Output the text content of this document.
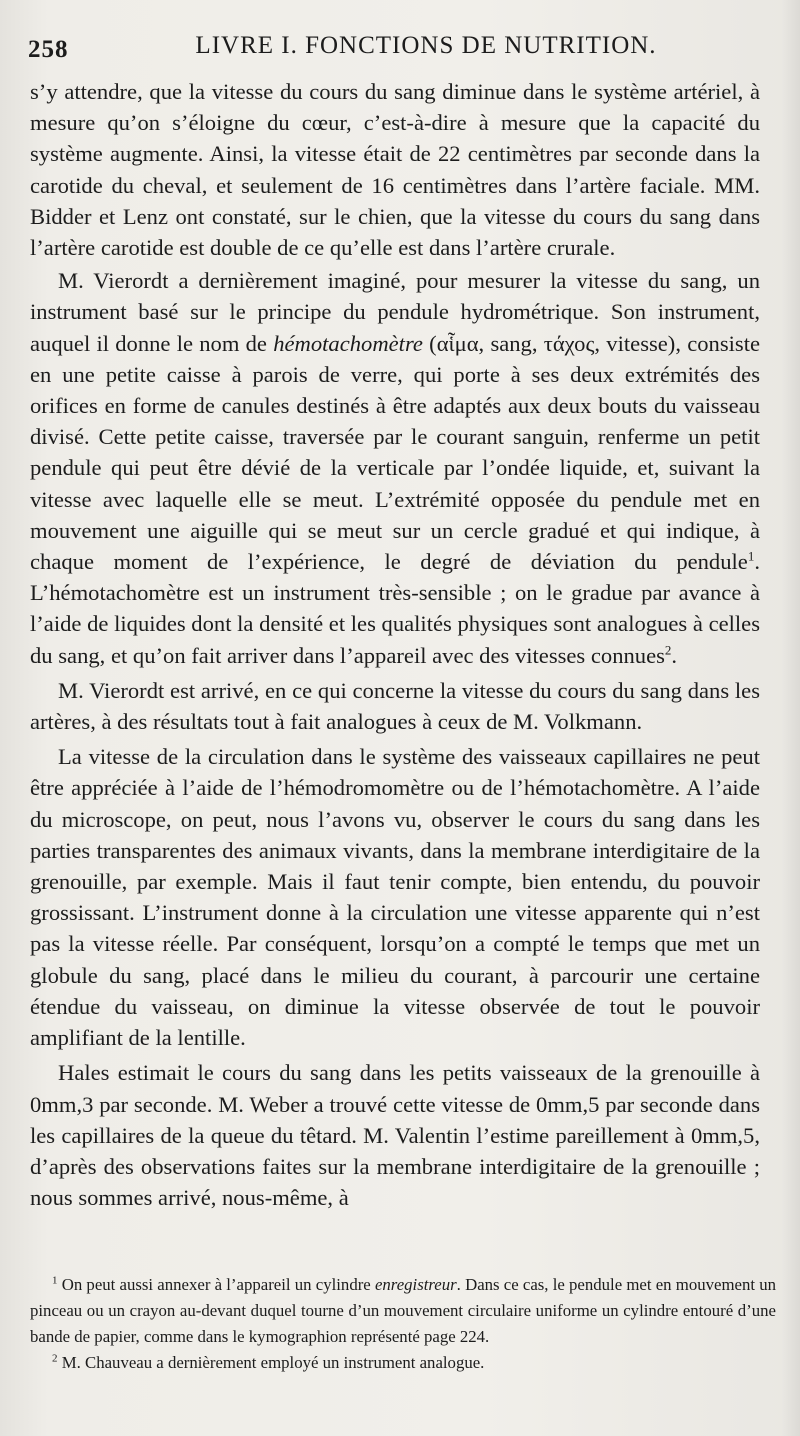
258	LIVRE I. FONCTIONS DE NUTRITION.

s’y attendre, que la vitesse du cours du sang diminue dans le système artériel, à mesure qu’on s’éloigne du cœur, c’est-à-dire à mesure que la capacité du système augmente. Ainsi, la vitesse était de 22 centimètres par seconde dans la carotide du cheval, et seulement de 16 centimètres dans l’artère faciale. MM. Bidder et Lenz ont constaté, sur le chien, que la vitesse du cours du sang dans l’artère carotide est double de ce qu’elle est dans l’artère crurale.

M. Vierordt a dernièrement imaginé, pour mesurer la vitesse du sang, un instrument basé sur le principe du pendule hydrométrique. Son instrument, auquel il donne le nom de hémotachomètre (αἷμα, sang, τάχος, vitesse), consiste en une petite caisse à parois de verre, qui porte à ses deux extrémités des orifices en forme de canules destinés à être adaptés aux deux bouts du vaisseau divisé. Cette petite caisse, traversée par le courant sanguin, renferme un petit pendule qui peut être dévié de la verticale par l’ondée liquide, et, suivant la vitesse avec laquelle elle se meut. L’extrémité opposée du pendule met en mouvement une aiguille qui se meut sur un cercle gradué et qui indique, à chaque moment de l’expérience, le degré de déviation du pendule$^1$. L’hémotachomètre est un instrument très-sensible ; on le gradue par avance à l’aide de liquides dont la densité et les qualités physiques sont analogues à celles du sang, et qu’on fait arriver dans l’appareil avec des vitesses connues$^2$.

M. Vierordt est arrivé, en ce qui concerne la vitesse du cours du sang dans les artères, à des résultats tout à fait analogues à ceux de M. Volkmann.

La vitesse de la circulation dans le système des vaisseaux capillaires ne peut être appréciée à l’aide de l’hémodromomètre ou de l’hémotachomètre. A l’aide du microscope, on peut, nous l’avons vu, observer le cours du sang dans les parties transparentes des animaux vivants, dans la membrane interdigitaire de la grenouille, par exemple. Mais il faut tenir compte, bien entendu, du pouvoir grossissant. L’instrument donne à la circulation une vitesse apparente qui n’est pas la vitesse réelle. Par conséquent, lorsqu’on a compté le temps que met un globule du sang, placé dans le milieu du courant, à parcourir une certaine étendue du vaisseau, on diminue la vitesse observée de tout le pouvoir amplifiant de la lentille.

Hales estimait le cours du sang dans les petits vaisseaux de la grenouille à 0mm,3 par seconde. M. Weber a trouvé cette vitesse de 0mm,5 par seconde dans les capillaires de la queue du têtard. M. Valentin l’estime pareillement à 0mm,5, d’après des observations faites sur la membrane interdigitaire de la grenouille ; nous sommes arrivé, nous-même, à

$^1$ On peut aussi annexer à l’appareil un cylindre enregistreur. Dans ce cas, le pendule met en mouvement un pinceau ou un crayon au-devant duquel tourne d’un mouvement circulaire uniforme un cylindre entouré d’une bande de papier, comme dans le kymographion représenté page 224.

$^2$ M. Chauveau a dernièrement employé un instrument analogue.
